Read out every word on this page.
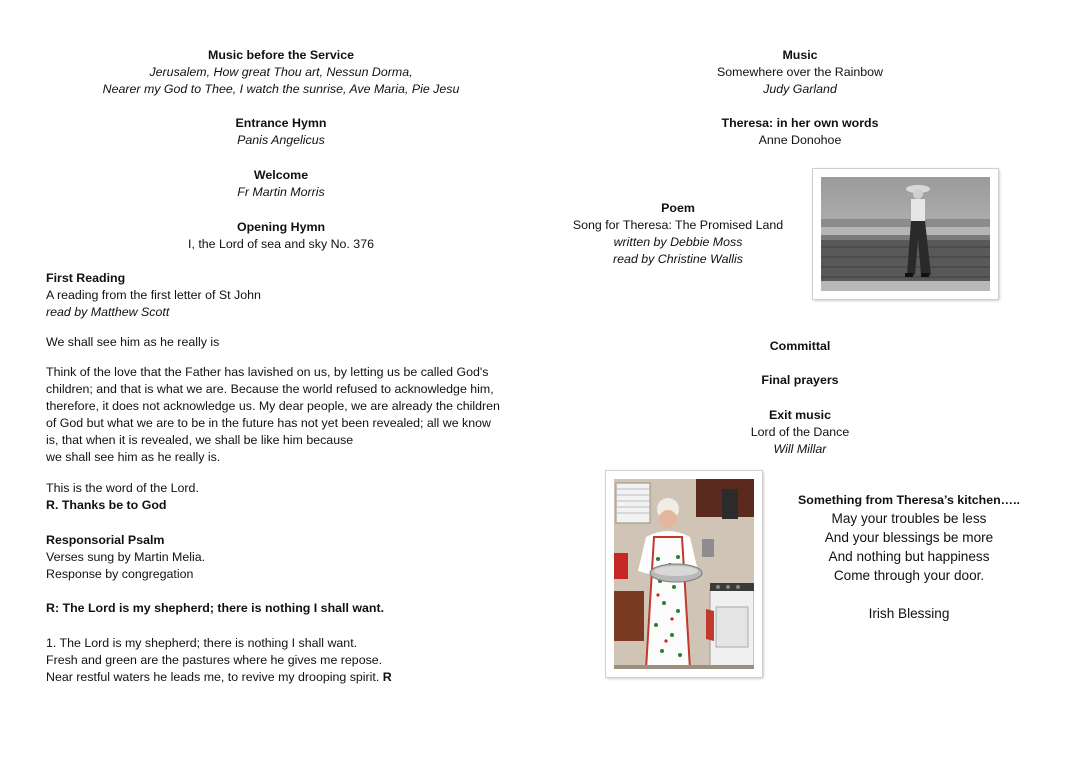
Music before the Service
Jerusalem, How great Thou art, Nessun Dorma,
Nearer my God to Thee, I watch the sunrise, Ave Maria, Pie Jesu
Entrance Hymn
Panis Angelicus
Welcome
Fr Martin Morris
Opening Hymn
I, the Lord of sea and sky No. 376
First Reading
A reading from the first letter of St John
read by Matthew Scott
We shall see him as he really is
Think of the love that the Father has lavished on us, by letting us be called God's
children; and that is what we are. Because the world refused to acknowledge him,
therefore, it does not acknowledge us. My dear people, we are already the children
of God but what we are to be in the future has not yet been revealed; all we know
is, that when it is revealed, we shall be like him because
we shall see him as he really is.
This is the word of the Lord.
R. Thanks be to God
Responsorial Psalm
Verses sung by Martin Melia.
Response by congregation
R: The Lord is my shepherd; there is nothing I shall want.
1. The Lord is my shepherd; there is nothing I shall want.
Fresh and green are the pastures where he gives me repose.
Near restful waters he leads me, to revive my drooping spirit. R
Music
Somewhere over the Rainbow
Judy Garland
Theresa: in her own words
Anne Donohoe
Poem
Song for Theresa: The Promised Land
written by Debbie Moss
read by Christine Wallis
Committal
Final prayers
Exit music
Lord of the Dance
Will Millar
Something from Theresa’s kitchen…..
May your troubles be less
And your blessings be more
And nothing but happiness
Come through your door.
Irish Blessing
